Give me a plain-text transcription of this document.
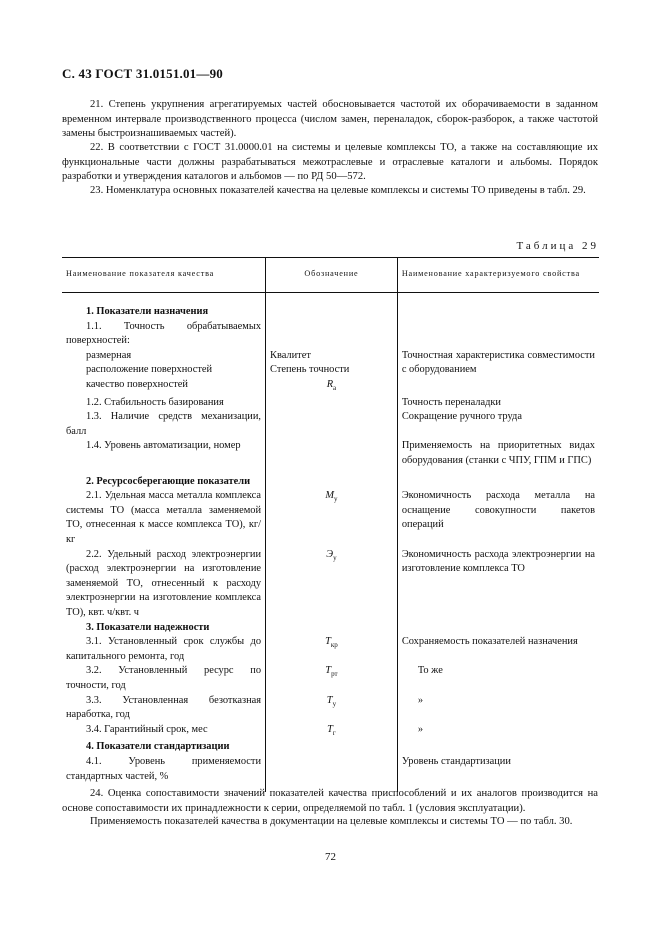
С. 43 ГОСТ 31.0151.01—90
21. Степень укрупнения агрегатируемых частей обосновывается частотой их оборачиваемости в заданном временном интервале производственного процесса (числом замен, переналадок, сборок-разборок, а также частотой замены быстроизнашиваемых частей).
22. В соответствии с ГОСТ 31.0000.01 на системы и целевые комплексы ТО, а также на составляющие их функциональные части должны разрабатываться межотраслевые и отраслевые каталоги и альбомы. Порядок разработки и утверждения каталогов и альбомов — по РД 50—572.
23. Номенклатура основных показателей качества на целевые комплексы и системы ТО приведены в табл. 29.
Таблица 29
Наименование показателя качества	Обозначение	Наименование характеризуемого свойства
1. Показатели назначения		
1.1. Точность обрабатываемых поверхностей:		
размерная	Квалитет	Точностная характеристика совместимости с оборудованием
расположение поверхностей	Степень точности	
качество поверхностей	$R_a$	
1.2. Стабильность базирования		Точность переналадки
1.3. Наличие средств механизации, балл		Сокращение ручного труда
1.4. Уровень автоматизации, номер		Применяемость на приоритетных видах оборудования (станки с ЧПУ, ГПМ и ГПС)
2. Ресурсосберегающие показатели		
2.1. Удельная масса металла комплекса системы ТО (масса металла заменяемой ТО, отнесенная к массе комплекса ТО), кг/кг	$M_у$	Экономичность расхода металла на оснащение совокупности пакетов операций
2.2. Удельный расход электроэнергии (расход электроэнергии на изготовление заменяемой ТО, отнесенный к расходу электроэнергии на изготовление комплекса ТО), квт. ч/квт. ч	$Э_у$	Экономичность расхода электроэнергии на изготовление комплекса ТО
3. Показатели надежности		
3.1. Установленный срок службы до капитального ремонта, год	$T_{кр}$	Сохраняемость показателей назначения
3.2. Установленный ресурс по точности, год	$T_{рт}$	То же
3.3. Установленная безотказная наработка, год	$T_у$	»
3.4. Гарантийный срок, мес	$T_г$	»
4. Показатели стандартизации		
4.1. Уровень применяемости стандартных частей, %		Уровень стандартизации
24. Оценка сопоставимости значений показателей качества приспособлений и их аналогов производится на основе сопоставимости их принадлежности к серии, определяемой по табл. 1 (условия эксплуатации).
Применяемость показателей качества в документации на целевые комплексы и системы ТО — по табл. 30.
72
